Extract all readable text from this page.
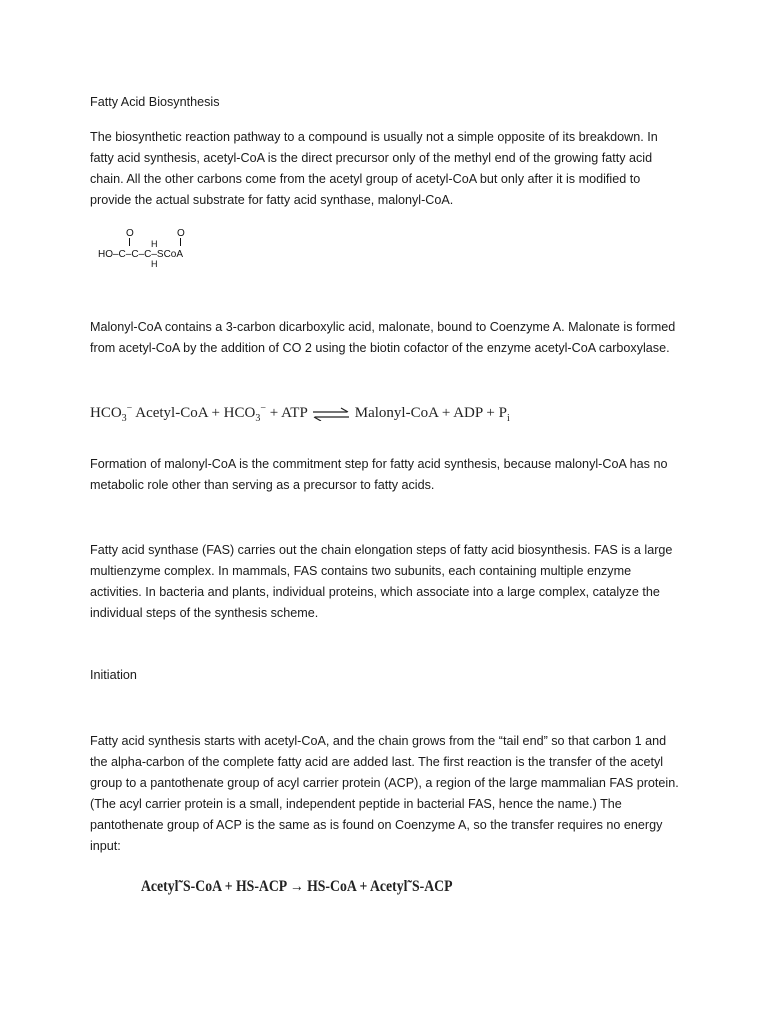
Fatty Acid Biosynthesis

The biosynthetic reaction pathway to a compound is usually not a simple opposite of its breakdown. In fatty acid synthesis, acetyl-CoA is the direct precursor only of the methyl end of the growing fatty acid chain. All the other carbons come from the acetyl group of acetyl-CoA but only after it is modified to provide the actual substrate for fatty acid synthase, malonyl-CoA.

O	O
H
HO–C–C–C–SCoA
H

Malonyl-CoA contains a 3-carbon dicarboxylic acid, malonate, bound to Coenzyme A. Malonate is formed from acetyl-CoA by the addition of CO 2 using the biotin cofactor of the enzyme acetyl-CoA carboxylase.

$HCO_3^-$ Acetyl-CoA + $HCO_3^-$ + ATP ⇌ Malonyl-CoA + ADP + $P_i$

Formation of malonyl-CoA is the commitment step for fatty acid synthesis, because malonyl-CoA has no metabolic role other than serving as a precursor to fatty acids.

Fatty acid synthase (FAS) carries out the chain elongation steps of fatty acid biosynthesis. FAS is a large multienzyme complex. In mammals, FAS contains two subunits, each containing multiple enzyme activities. In bacteria and plants, individual proteins, which associate into a large complex, catalyze the individual steps of the synthesis scheme.

Initiation

Fatty acid synthesis starts with acetyl-CoA, and the chain grows from the “tail end” so that carbon 1 and the alpha-carbon of the complete fatty acid are added last. The first reaction is the transfer of the acetyl group to a pantothenate group of acyl carrier protein (ACP), a region of the large mammalian FAS protein. (The acyl carrier protein is a small, independent peptide in bacterial FAS, hence the name.) The pantothenate group of ACP is the same as is found on Coenzyme A, so the transfer requires no energy input:

Acetyl˜S-CoA + HS-ACP → HS-CoA + Acetyl˜S-ACP
